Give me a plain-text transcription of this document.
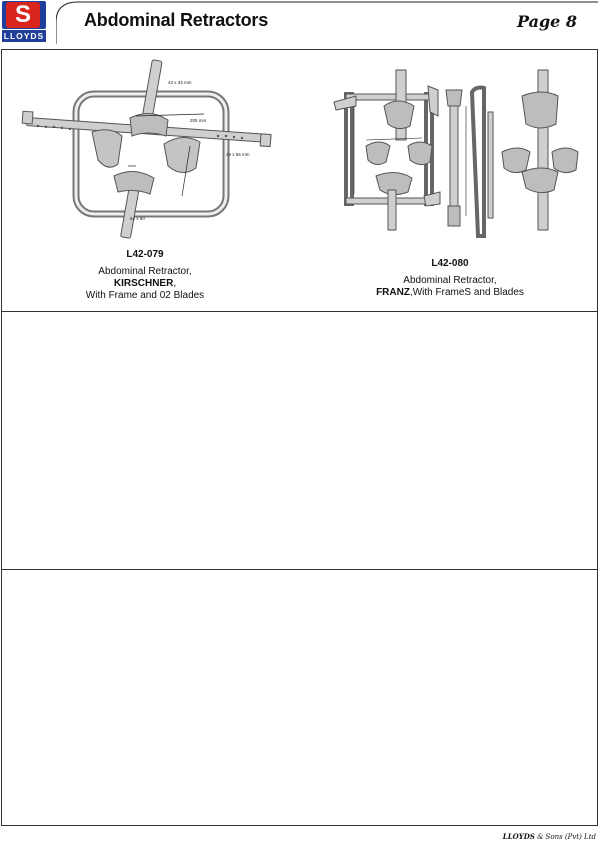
S
LLOYDS
Abdominal Retractors	Page 8
42 x 34 mm
205 mm
48 x 56 mm
64 x 60
L42-079
Abdominal Retractor,
KIRSCHNER,
With Frame and 02 Blades
L42-080
Abdominal Retractor,
FRANZ,With FrameS and Blades
LLOYDS & Sons (Pvt) Ltd
